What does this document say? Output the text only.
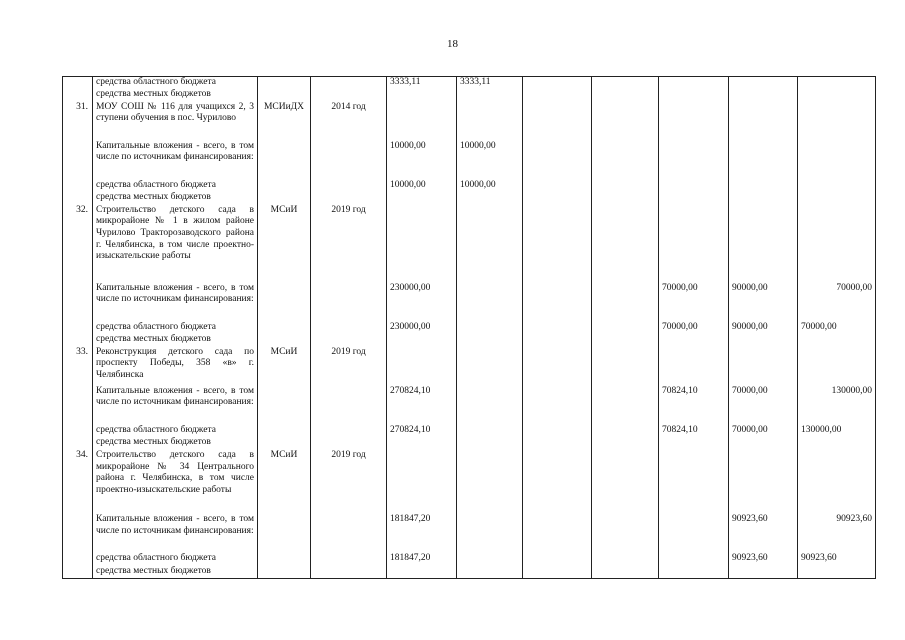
18
	средства областного бюджета			3333,11	3333,11					
	средства местных бюджетов									
31.	МОУ СОШ № 116 для учащихся 2, 3 ступени обучения в пос. Чурилово	МСИиДХ	2014 год							
	Капитальные вложения - всего, в том числе по источникам финансирования:			10000,00	10000,00					
	средства областного бюджета			10000,00	10000,00					
	средства местных бюджетов									
32.	Строительство детского сада в микрорайоне № 1 в жилом районе Чурилово Тракторозаводского района г. Челябинска, в том числе проектно-изыскательские работы	МСиИ	2019 год							
	Капитальные вложения - всего, в том числе по источникам финансирования:			230000,00				70000,00	90000,00	70000,00
	средства областного бюджета			230000,00				70000,00	90000,00	70000,00
	средства местных бюджетов									
33.	Реконструкция детского сада по проспекту Победы, 358 «в» г. Челябинска	МСиИ	2019 год							
	Капитальные вложения - всего, в том числе по источникам финансирования:			270824,10				70824,10	70000,00	130000,00
	средства областного бюджета			270824,10				70824,10	70000,00	130000,00
	средства местных бюджетов									
34.	Строительство детского сада в микрорайоне № 34 Центрального района г. Челябинска, в том числе проектно-изыскательские работы	МСиИ	2019 год							
	Капитальные вложения - всего, в том числе по источникам финансирования:			181847,20					90923,60	90923,60
	средства областного бюджета			181847,20					90923,60	90923,60
	средства местных бюджетов									
